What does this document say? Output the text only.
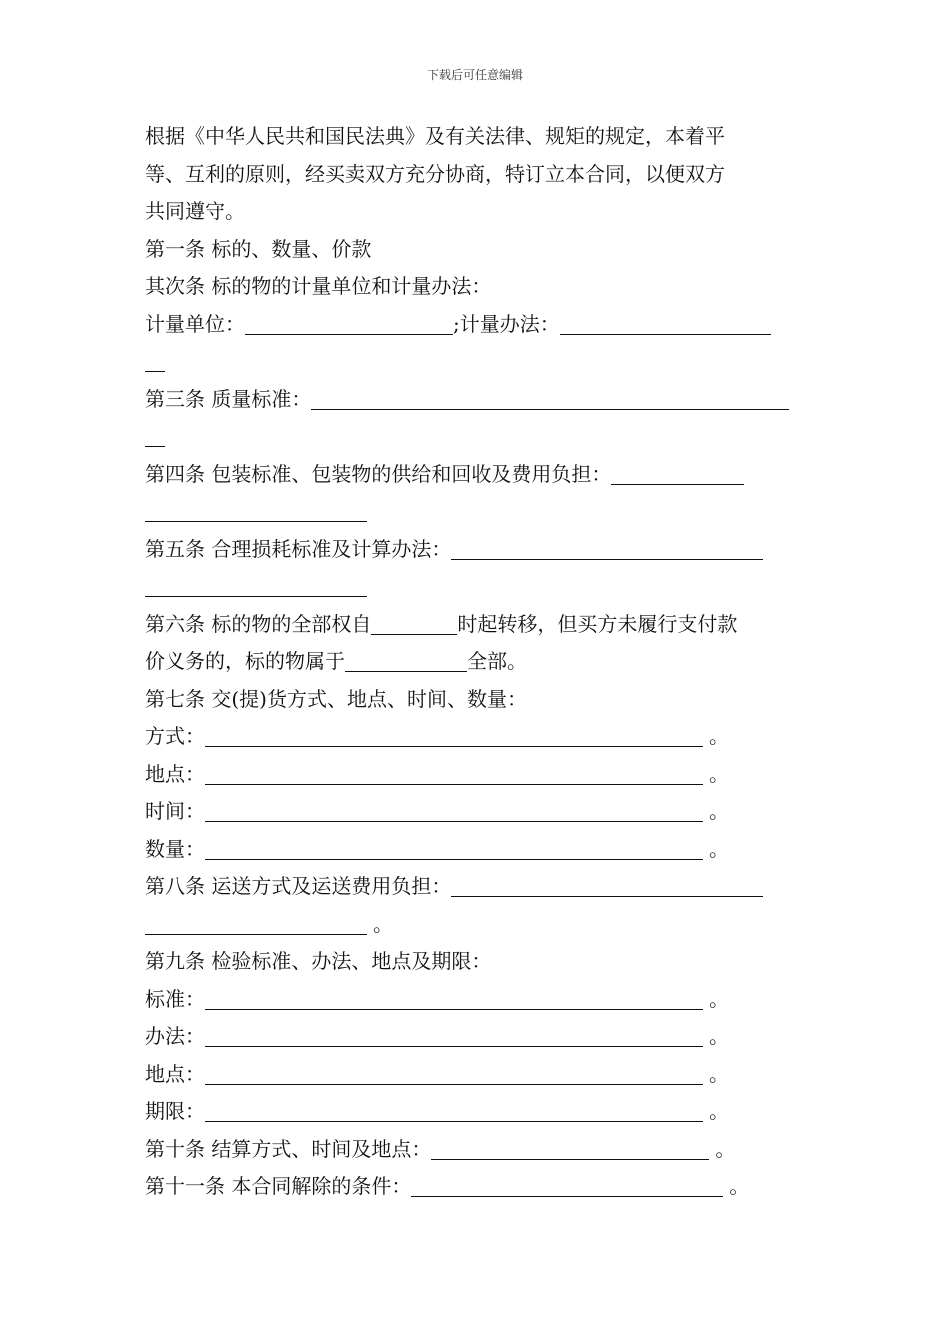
下载后可任意编辑
根据《中华人民共和国民法典》及有关法律、规矩的规定，本着平
等、互利的原则，经买卖双方充分协商，特订立本合同，以便双方
共同遵守。
第一条 标的、数量、价款
其次条 标的物的计量单位和计量办法：
计量单位：	;计量办法：
第三条 质量标准：
第四条 包装标准、包装物的供给和回收及费用负担：
第五条 合理损耗标准及计算办法：
第六条 标的物的全部权自	时起转移，但买方未履行支付款
价义务的，标的物属于	全部。
第七条 交(提)货方式、地点、时间、数量：
方式：	。
地点：	。
时间：	。
数量：	。
第八条 运送方式及运送费用负担：
。
第九条 检验标准、办法、地点及期限：
标准：	。
办法：	。
地点：	。
期限：	。
第十条 结算方式、时间及地点：	。
第十一条 本合同解除的条件：	。
